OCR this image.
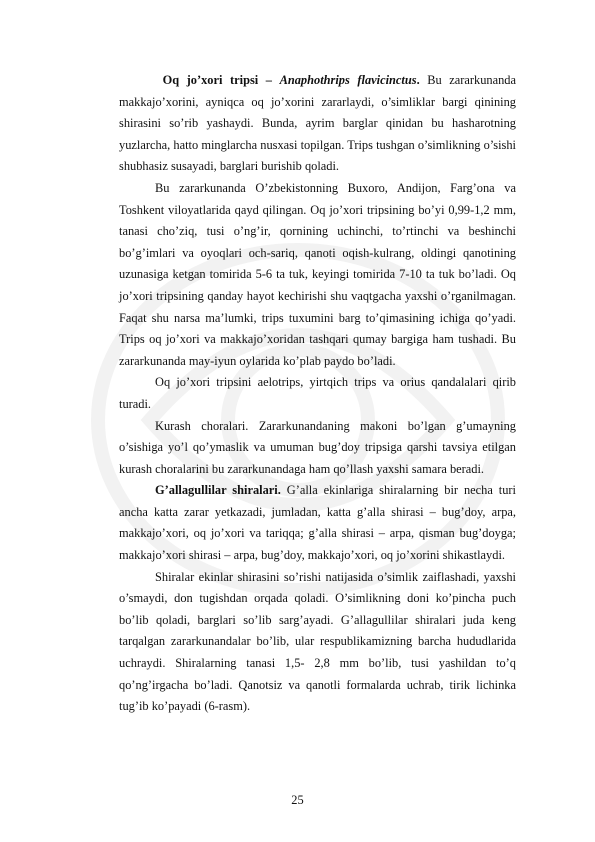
Oq jo’xori tripsi – Anaphothrips flavicinctus. Bu zararkunanda makkajo’xorini, ayniqca oq jo’xorini zararlaydi, o’simliklar bargi qinining shirasini so’rib yashaydi. Bunda, ayrim barglar qinidan bu hasharotning yuzlarcha, hatto minglarcha nusxasi topilgan. Trips tushgan o’simlikning o’sishi shubhasiz susayadi, barglari burishib qoladi.

Bu zararkunanda O’zbekistonning Buxoro, Andijon, Farg’ona va Toshkent viloyatlarida qayd qilingan. Oq jo’xori tripsining bo’yi 0,99-1,2 mm, tanasi cho’ziq, tusi o’ng’ir, qornining uchinchi, to’rtinchi va beshinchi bo’g’imlari va oyoqlari och-sariq, qanoti oqish-kulrang, oldingi qanotining uzunasiga ketgan tomirida 5-6 ta tuk, keyingi tomirida 7-10 ta tuk bo’ladi. Oq jo’xori tripsining qanday hayot kechirishi shu vaqtgacha yaxshi o’rganilmagan. Faqat shu narsa ma’lumki, trips tuxumini barg to’qimasining ichiga qo’yadi. Trips oq jo’xori va makkajo’xoridan tashqari qumay bargiga ham tushadi. Bu zararkunanda may-iyun oylarida ko’plab paydo bo’ladi.

Oq jo’xori tripsini aelotrips, yirtqich trips va orius qandalalari qirib turadi.

Kurash choralari. Zararkunandaning makoni bo’lgan g’umayning o’sishiga yo’l qo’ymaslik va umuman bug’doy tripsiga qarshi tavsiya etilgan kurash choralarini bu zararkunandaga ham qo’llash yaxshi samara beradi.

G’allagullilar shiralari. G’alla ekinlariga shiralarning bir necha turi ancha katta zarar yetkazadi, jumladan, katta g’alla shirasi – bug’doy, arpa, makkajo’xori, oq jo’xori va tariqqa; g’alla shirasi – arpa, qisman bug’doyga; makkajo’xori shirasi – arpa, bug’doy, makkajo’xori, oq jo’xorini shikastlaydi.

Shiralar ekinlar shirasini so’rishi natijasida o’simlik zaiflashadi, yaxshi o’smaydi, don tugishdan orqada qoladi. O’simlikning doni ko’pincha puch bo’lib qoladi, barglari so’lib sarg’ayadi. G’allagullilar shiralari juda keng tarqalgan zararkunandalar bo’lib, ular respublikamizning barcha hududlarida uchraydi. Shiralarning tanasi 1,5- 2,8 mm bo’lib, tusi yashildan to’q qo’ng’irgacha bo’ladi. Qanotsiz va qanotli formalarda uchrab, tirik lichinka tug’ib ko’payadi (6-rasm).

25
